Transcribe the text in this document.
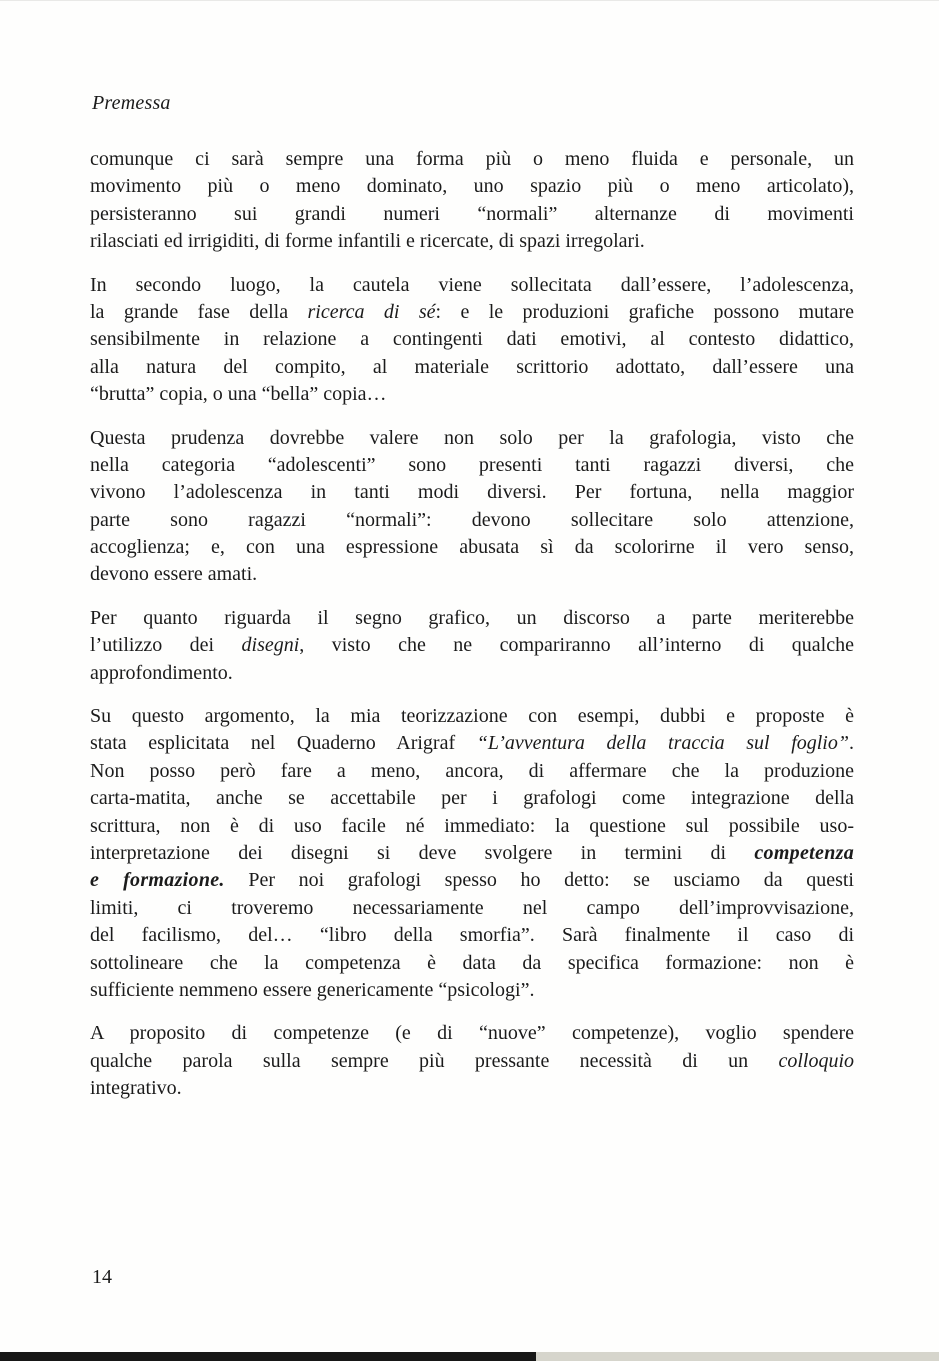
Premessa
comunque ci sarà sempre una forma più o meno fluida e personale, un
movimento più o meno dominato, uno spazio più o meno articolato),
persisteranno sui grandi numeri “normali” alternanze di movimenti
rilasciati ed irrigiditi, di forme infantili e ricercate, di spazi irregolari.
In secondo luogo, la cautela viene sollecitata dall’essere, l’adolescenza,
la grande fase della ricerca di sé: e le produzioni grafiche possono mutare
sensibilmente in relazione a contingenti dati emotivi, al contesto didattico,
alla natura del compito, al materiale scrittorio adottato, dall’essere una
“brutta” copia, o una “bella” copia…
Questa prudenza dovrebbe valere non solo per la grafologia, visto che
nella categoria “adolescenti” sono presenti tanti ragazzi diversi, che
vivono l’adolescenza in tanti modi diversi. Per fortuna, nella maggior
parte sono ragazzi “normali”: devono sollecitare solo attenzione,
accoglienza; e, con una espressione abusata sì da scolorirne il vero senso,
devono essere amati.
Per quanto riguarda il segno grafico, un discorso a parte meriterebbe
l’utilizzo dei disegni, visto che ne compariranno all’interno di qualche
approfondimento.
Su questo argomento, la mia teorizzazione con esempi, dubbi e proposte è
stata esplicitata nel Quaderno Arigraf “L’avventura della traccia sul foglio”.
Non posso però fare a meno, ancora, di affermare che la produzione
carta-matita, anche se accettabile per i grafologi come integrazione della
scrittura, non è di uso facile né immediato: la questione sul possibile uso-
interpretazione dei disegni si deve svolgere in termini di competenza
e formazione. Per noi grafologi spesso ho detto: se usciamo da questi
limiti, ci troveremo necessariamente nel campo dell’improvvisazione,
del facilismo, del… “libro della smorfia”. Sarà finalmente il caso di
sottolineare che la competenza è data da specifica formazione: non è
sufficiente nemmeno essere genericamente “psicologi”.
A proposito di competenze (e di “nuove” competenze), voglio spendere
qualche parola sulla sempre più pressante necessità di un colloquio
integrativo.
14
